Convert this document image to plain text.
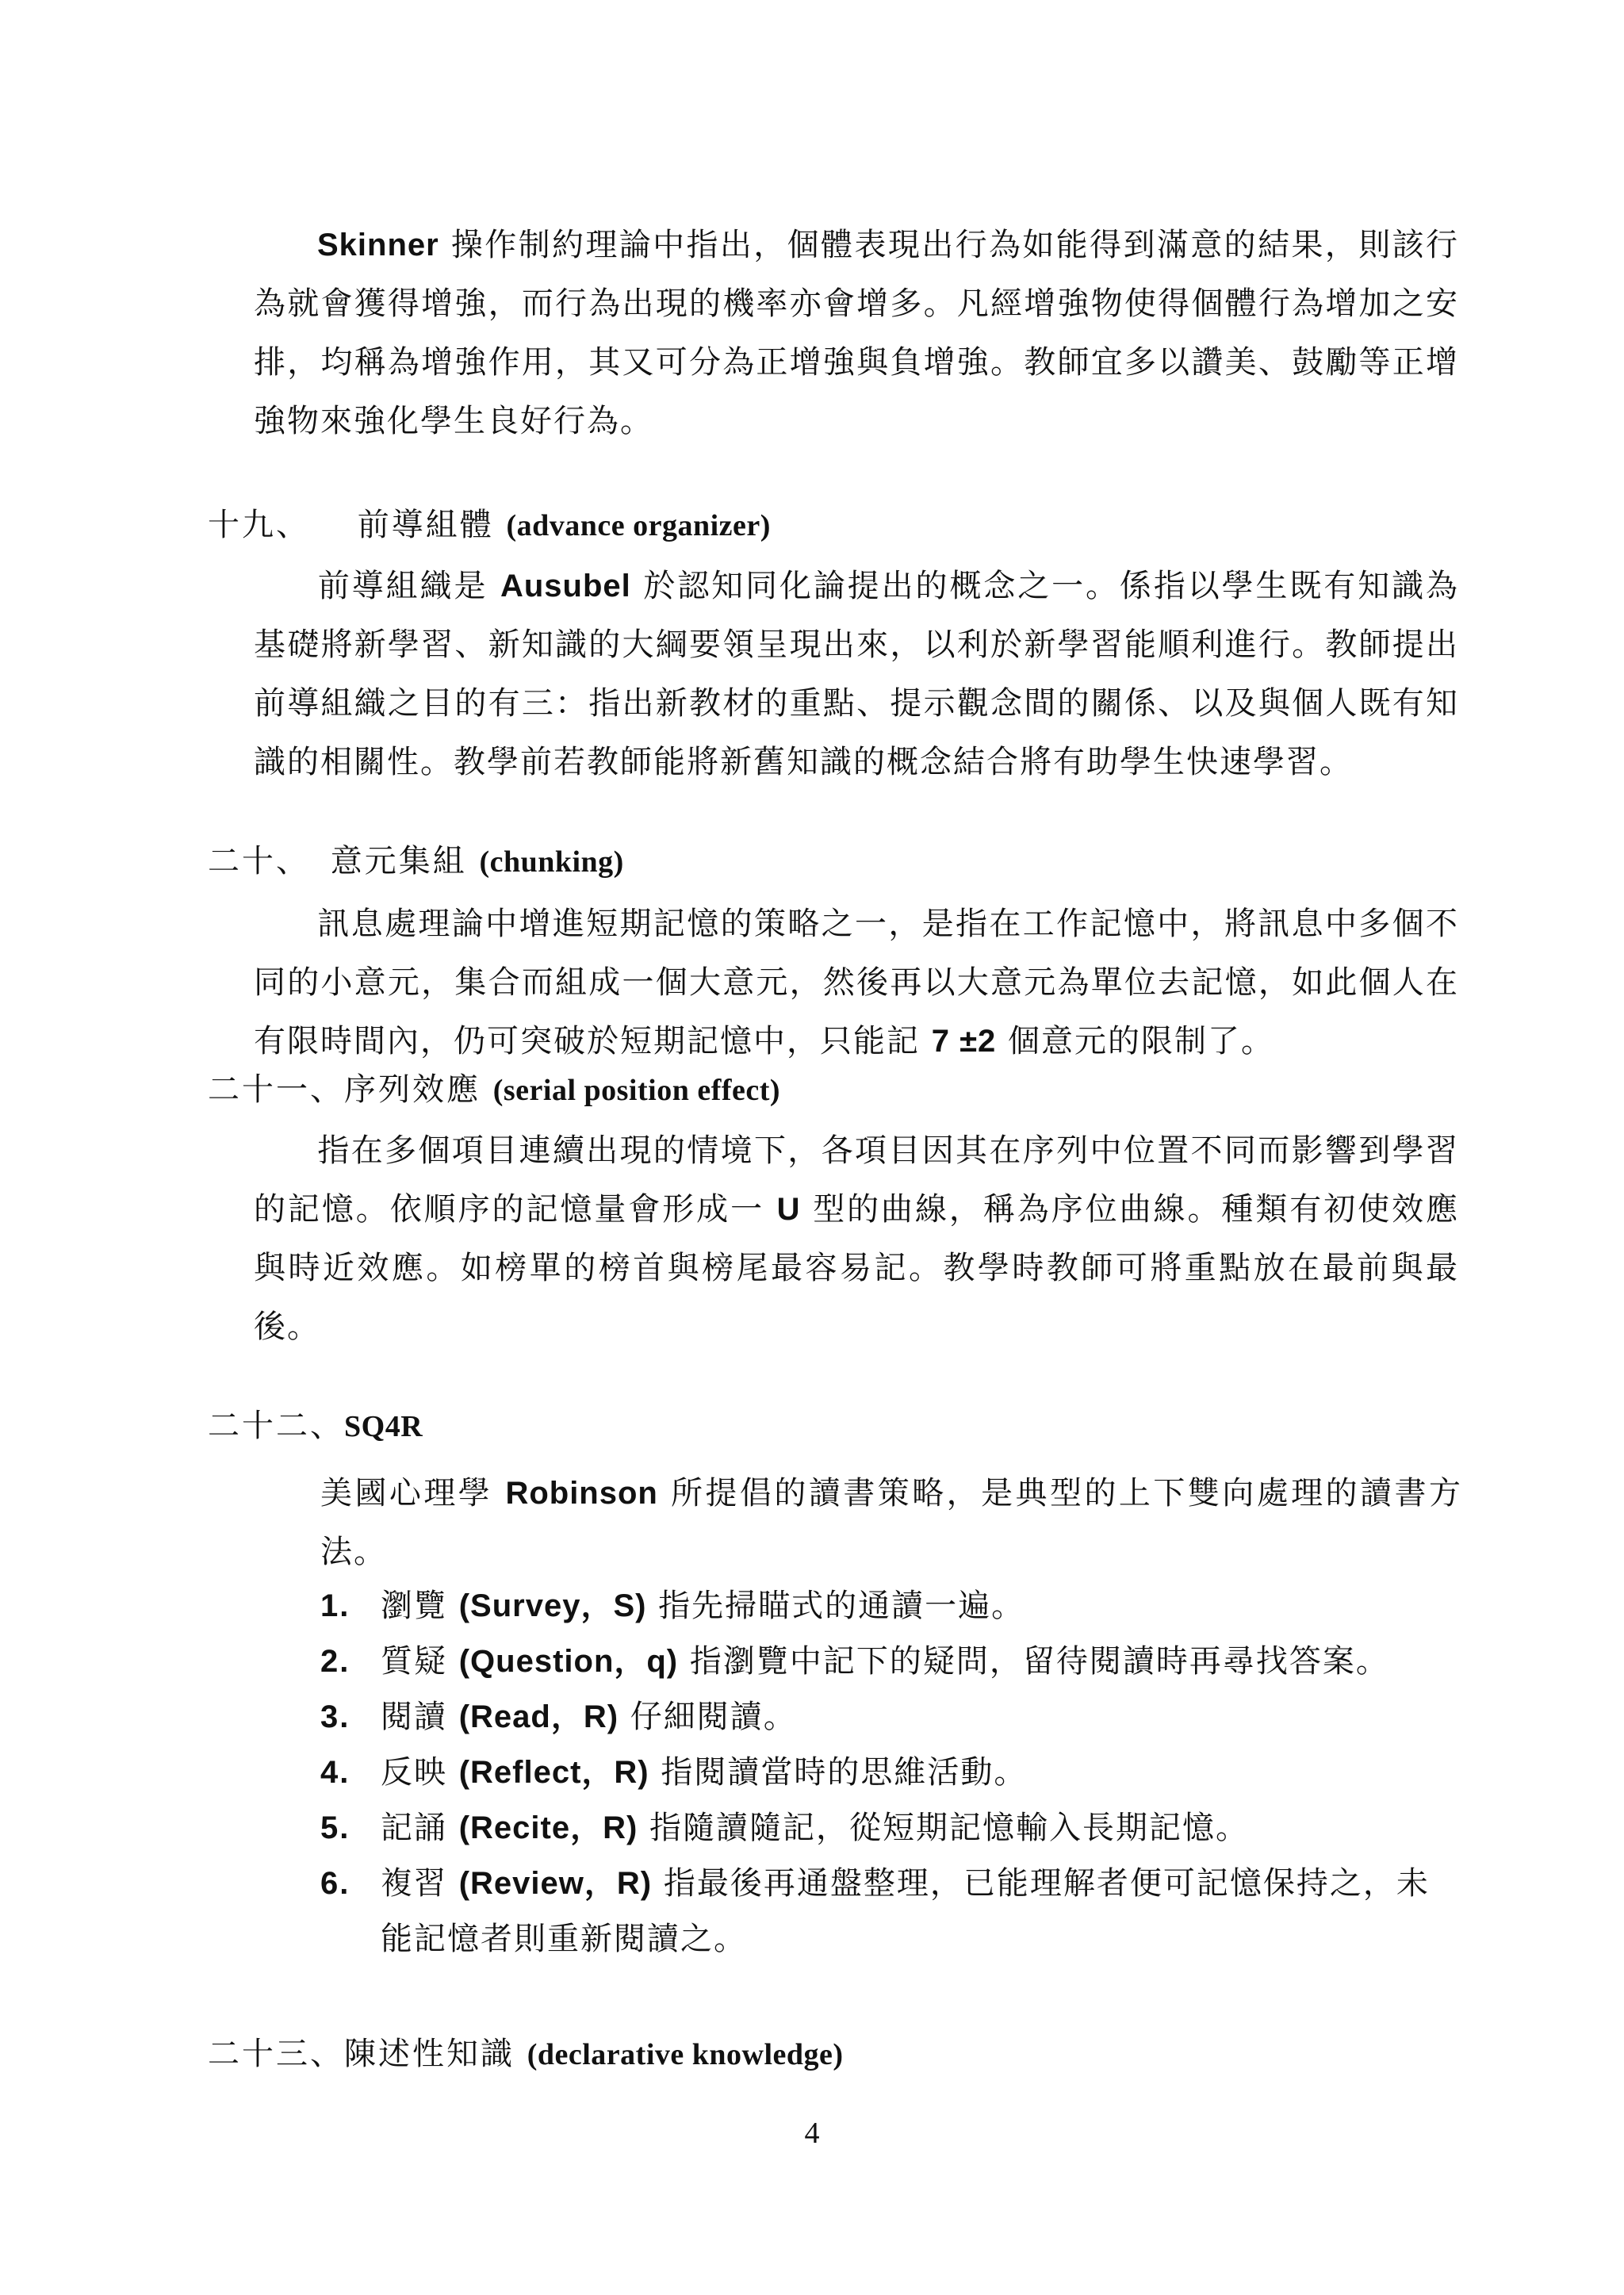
Skinner 操作制約理論中指出，個體表現出行為如能得到滿意的結果，則該行為就會獲得增強，而行為出現的機率亦會增多。凡經增強物使得個體行為增加之安排，均稱為增強作用，其又可分為正增強與負增強。教師宜多以讚美、鼓勵等正增強物來強化學生良好行為。

十九、 前導組體 (advance organizer)

前導組織是 Ausubel 於認知同化論提出的概念之一。係指以學生既有知識為基礎將新學習、新知識的大綱要領呈現出來，以利於新學習能順利進行。教師提出前導組織之目的有三：指出新教材的重點、提示觀念間的關係、以及與個人既有知識的相關性。教學前若教師能將新舊知識的概念結合將有助學生快速學習。

二十、 意元集組 (chunking)

訊息處理論中增進短期記憶的策略之一，是指在工作記憶中，將訊息中多個不同的小意元，集合而組成一個大意元，然後再以大意元為單位去記憶，如此個人在有限時間內，仍可突破於短期記憶中，只能記 7 ±2 個意元的限制了。

二十一、序列效應 (serial position effect)

指在多個項目連續出現的情境下，各項目因其在序列中位置不同而影響到學習的記憶。依順序的記憶量會形成一 U 型的曲線，稱為序位曲線。種類有初使效應與時近效應。如榜單的榜首與榜尾最容易記。教學時教師可將重點放在最前與最後。

二十二、SQ4R

美國心理學 Robinson 所提倡的讀書策略，是典型的上下雙向處理的讀書方法。

1. 瀏覽 (Survey，S) 指先掃瞄式的通讀一遍。
2. 質疑 (Question，q) 指瀏覽中記下的疑問，留待閱讀時再尋找答案。
3. 閱讀 (Read，R) 仔細閱讀。
4. 反映 (Reflect，R) 指閱讀當時的思維活動。
5. 記誦 (Recite，R) 指隨讀隨記，從短期記憶輸入長期記憶。
6. 複習 (Review，R) 指最後再通盤整理，已能理解者便可記憶保持之，未能記憶者則重新閱讀之。
二十三、陳述性知識 (declarative knowledge)
4
